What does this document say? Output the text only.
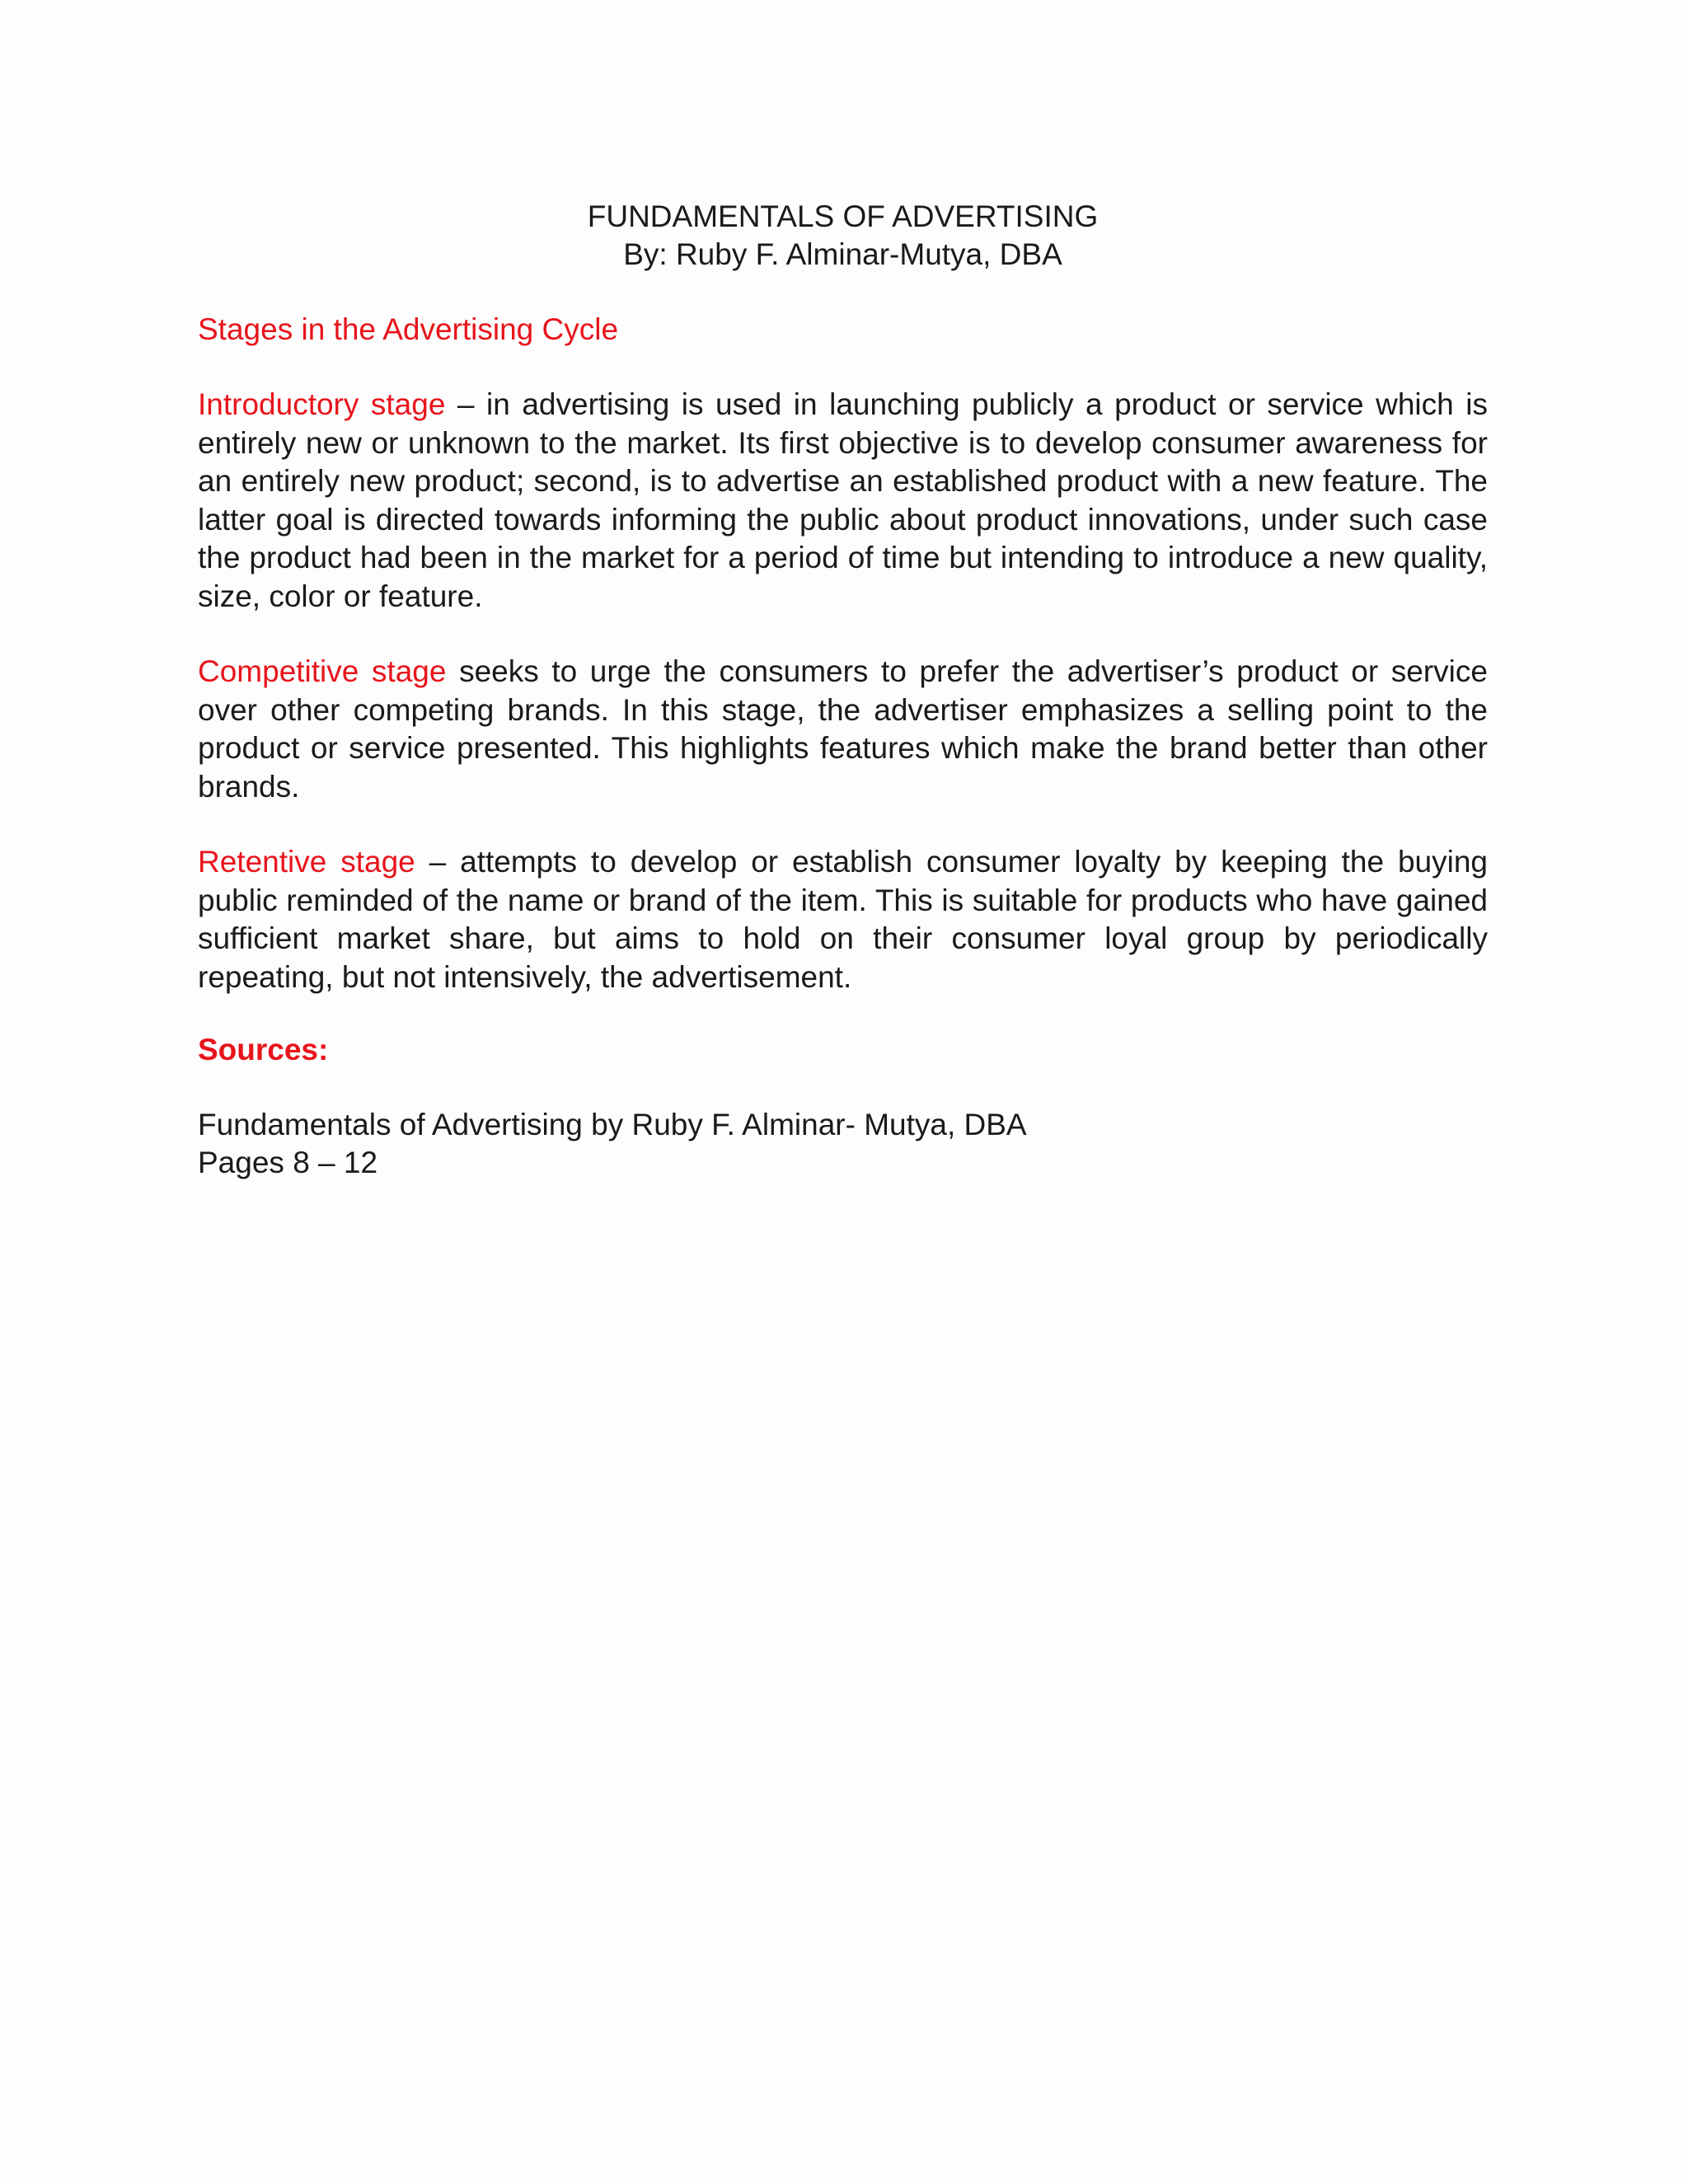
FUNDAMENTALS OF ADVERTISING
By: Ruby F. Alminar-Mutya, DBA
Stages in the Advertising Cycle
Introductory stage – in advertising is used in launching publicly a product or service which is entirely new or unknown to the market. Its first objective is to develop consumer awareness for an entirely new product; second, is to advertise an established product with a new feature. The latter goal is directed towards informing the public about product innovations, under such case the product had been in the market for a period of time but intending to introduce a new quality, size, color or feature.
Competitive stage seeks to urge the consumers to prefer the advertiser’s product or service over other competing brands. In this stage, the advertiser emphasizes a selling point to the product or service presented. This highlights features which make the brand better than other brands.
Retentive stage – attempts to develop or establish consumer loyalty by keeping the buying public reminded of the name or brand of the item. This is suitable for products who have gained sufficient market share, but aims to hold on their consumer loyal group by periodically repeating, but not intensively, the advertisement.
Sources:
Fundamentals of Advertising by Ruby F. Alminar- Mutya, DBA
Pages 8 – 12
